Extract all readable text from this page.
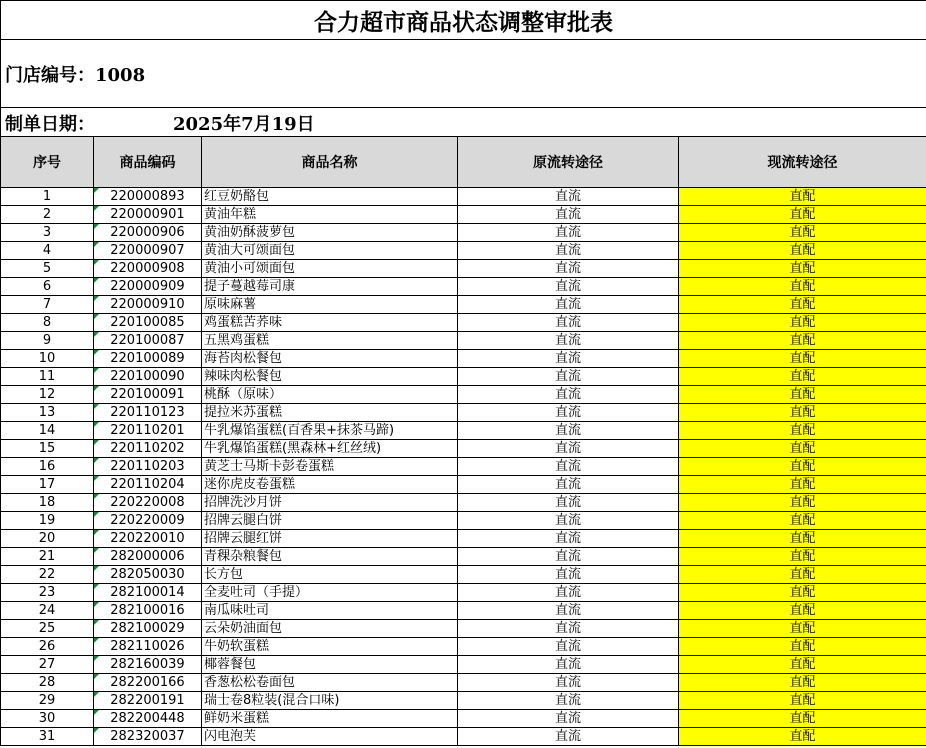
合力超市商品状态调整审批表				
门店编号：1008				
制单日期： 2025年7月19日				
序号	商品编码	商品名称	原流转途径	现流转途径
1	220000893	红豆奶酪包	直流	直配
2	220000901	黄油年糕	直流	直配
3	220000906	黄油奶酥菠萝包	直流	直配
4	220000907	黄油大可颂面包	直流	直配
5	220000908	黄油小可颂面包	直流	直配
6	220000909	提子蔓越莓司康	直流	直配
7	220000910	原味麻薯	直流	直配
8	220100085	鸡蛋糕苦荞味	直流	直配
9	220100087	五黑鸡蛋糕	直流	直配
10	220100089	海苔肉松餐包	直流	直配
11	220100090	辣味肉松餐包	直流	直配
12	220100091	桃酥（原味）	直流	直配
13	220110123	提拉米苏蛋糕	直流	直配
14	220110201	牛乳爆馅蛋糕(百香果+抹茶马蹄)	直流	直配
15	220110202	牛乳爆馅蛋糕(黑森林+红丝绒)	直流	直配
16	220110203	黄芝士马斯卡彭卷蛋糕	直流	直配
17	220110204	迷你虎皮卷蛋糕	直流	直配
18	220220008	招牌洗沙月饼	直流	直配
19	220220009	招牌云腿白饼	直流	直配
20	220220010	招牌云腿红饼	直流	直配
21	282000006	青稞杂粮餐包	直流	直配
22	282050030	长方包	直流	直配
23	282100014	全麦吐司（手提）	直流	直配
24	282100016	南瓜味吐司	直流	直配
25	282100029	云朵奶油面包	直流	直配
26	282110026	牛奶软蛋糕	直流	直配
27	282160039	椰蓉餐包	直流	直配
28	282200166	香葱松松卷面包	直流	直配
29	282200191	瑞士卷8粒装(混合口味)	直流	直配
30	282200448	鲜奶米蛋糕	直流	直配
31	282320037	闪电泡芙	直流	直配
